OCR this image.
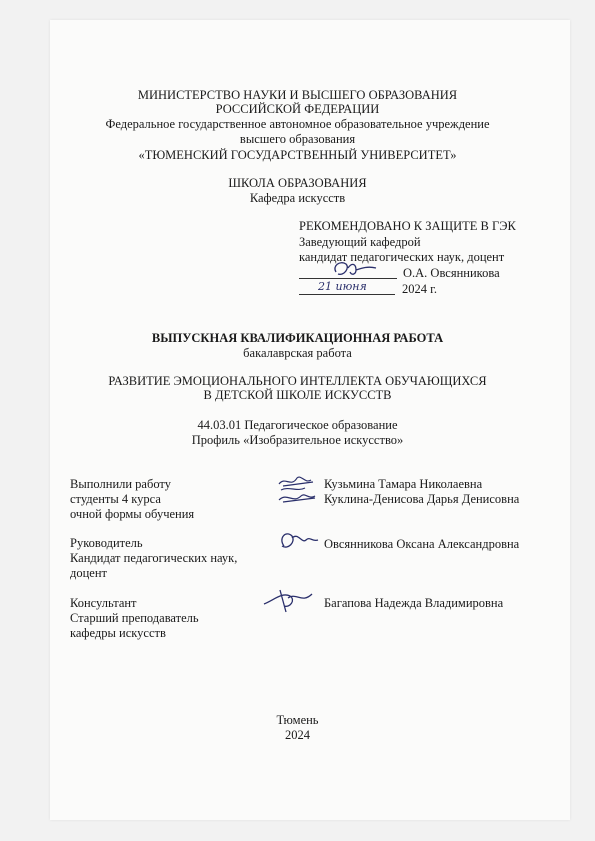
МИНИСТЕРСТВО НАУКИ И ВЫСШЕГО ОБРАЗОВАНИЯ
РОССИЙСКОЙ ФЕДЕРАЦИИ
Федеральное государственное автономное образовательное учреждение
высшего образования
«ТЮМЕНСКИЙ ГОСУДАРСТВЕННЫЙ УНИВЕРСИТЕТ»
ШКОЛА ОБРАЗОВАНИЯ
Кафедра искусств
РЕКОМЕНДОВАНО К ЗАЩИТЕ В ГЭК
Заведующий кафедрой
кандидат педагогических наук, доцент
О.А. Овсянникова
21 июня	2024 г.
ВЫПУСКНАЯ КВАЛИФИКАЦИОННАЯ РАБОТА
бакалаврская работа
РАЗВИТИЕ ЭМОЦИОНАЛЬНОГО ИНТЕЛЛЕКТА ОБУЧАЮЩИХСЯ
В ДЕТСКОЙ ШКОЛЕ ИСКУССТВ
44.03.01 Педагогическое образование
Профиль «Изобразительное искусство»
Выполнили работу
студенты 4 курса
очной формы обучения
Кузьмина Тамара Николаевна
Куклина-Денисова Дарья Денисовна
Руководитель
Кандидат педагогических наук,
доцент
Овсянникова Оксана Александровна
Консультант
Старший преподаватель
кафедры искусств
Багапова Надежда Владимировна
Тюмень
2024
